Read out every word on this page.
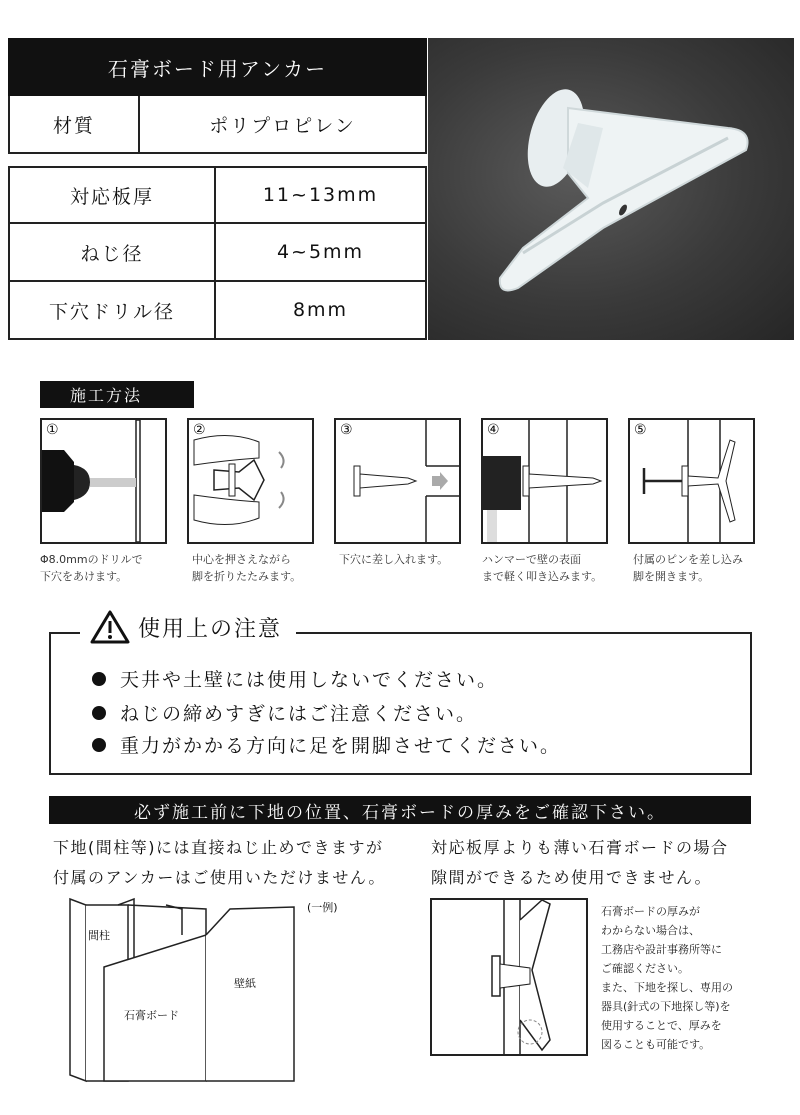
石膏ボード用アンカー
材質	ポリプロピレン
対応板厚	11~13mm
ねじ径	4~5mm
下穴ドリル径	8mm
施工方法
①	②	③	④	⑤
Φ8.0mmのドリルで
下穴をあけます。
中心を押さえながら
脚を折りたたみます。
下穴に差し入れます。	ハンマーで壁の表面
まで軽く叩き込みます。
付属のピンを差し込み
脚を開きます。
使用上の注意
天井や土壁には使用しないでください。
ねじの締めすぎにはご注意ください。
重力がかかる方向に足を開脚させてください。
必ず施工前に下地の位置、石膏ボードの厚みをご確認下さい。
下地(間柱等)には直接ねじ止めできますが
付属のアンカーはご使用いただけません。
(一例)
間柱
壁紙
石膏ボード
対応板厚よりも薄い石膏ボードの場合
隙間ができるため使用できません。
石膏ボードの厚みが
わからない場合は、
工務店や設計事務所等に
ご確認ください。
また、下地を探し、専用の
器具(針式の下地探し等)を
使用することで、厚みを
図ることも可能です。
